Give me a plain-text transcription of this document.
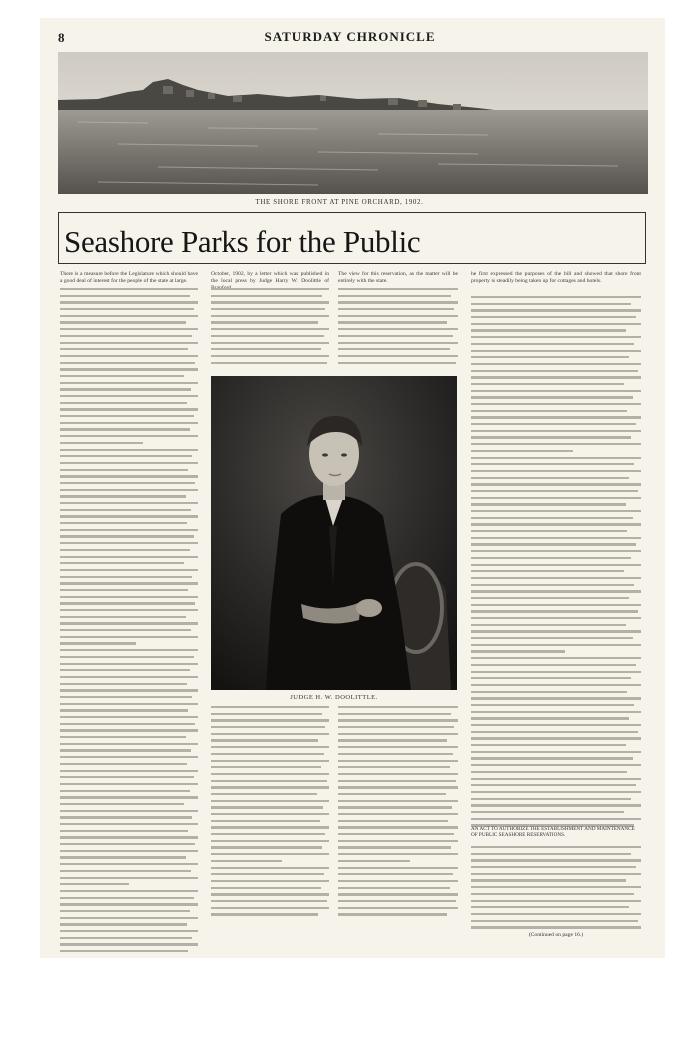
8	SATURDAY CHRONICLE
THE SHORE FRONT AT PINE ORCHARD, 1902.
Seashore Parks for the Public
There is a measure before the Legislature which should have a good deal of interest for the people of the state at large.
October, 1902, by a letter which was published in the local press by Judge Harry W. Doolittle of
The view for this reservation, as the matter will be entirely with the state.
JUDGE H. W. DOOLITTLE.
he first expressed the purposes of the bill and showed that shore front property is steadily being taken up for cottages and hotels.
AN ACT TO AUTHORIZE THE ESTABLISHMENT AND MAINTENANCE OF PUBLIC SEASHORE RESERVATIONS.
(Continued on page 16.)
